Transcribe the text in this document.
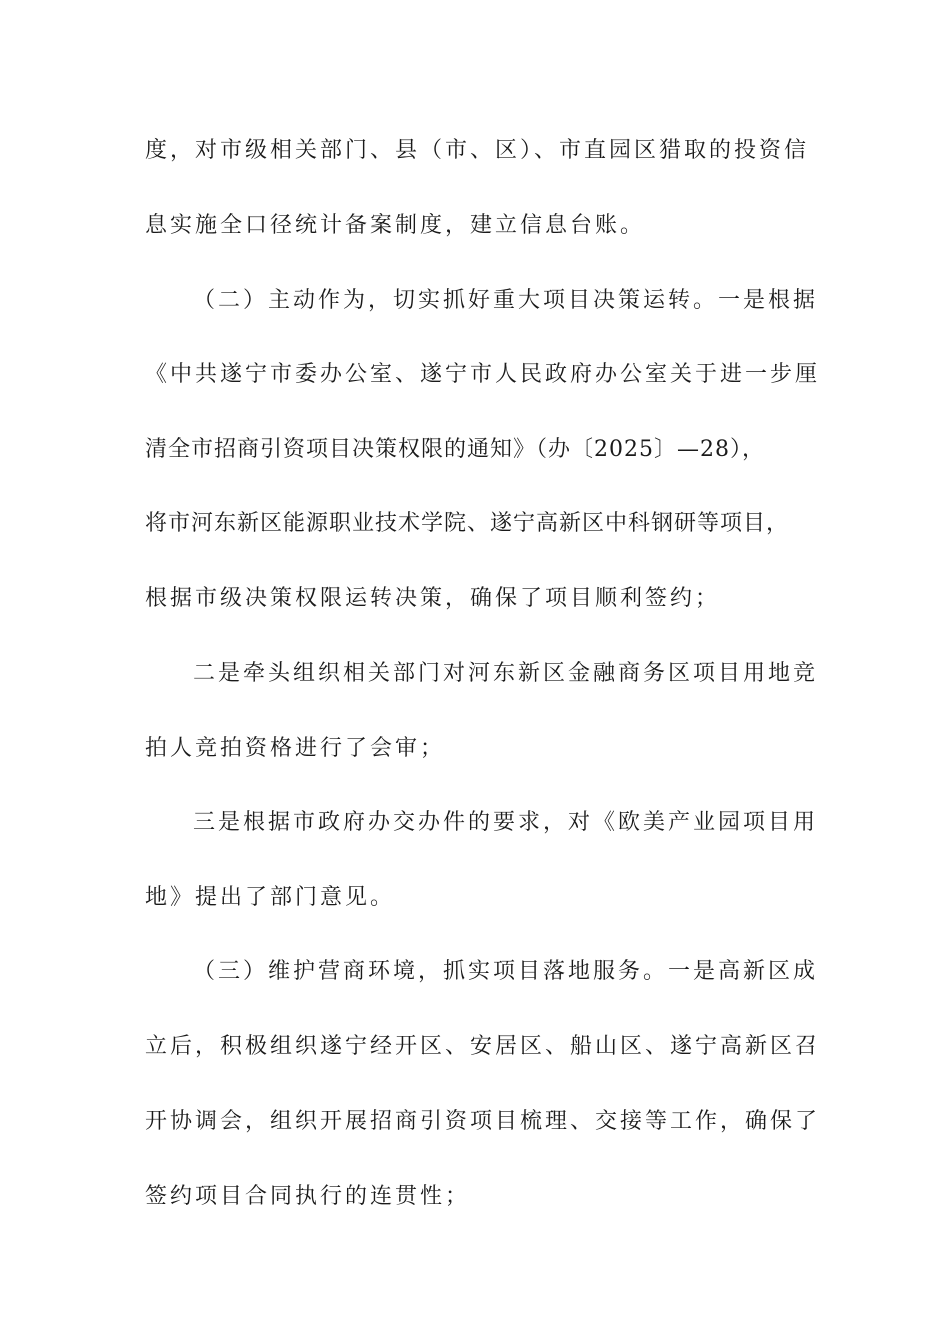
度，对市级相关部门、县（市、区）、市直园区猎取的投资信
息实施全口径统计备案制度，建立信息台账。
（二）主动作为，切实抓好重大项目决策运转。一是根据
《中共遂宁市委办公室、遂宁市人民政府办公室关于进一步厘
清全市招商引资项目决策权限的通知》（办〔2025〕—28），
将市河东新区能源职业技术学院、遂宁高新区中科钢研等项目，
根据市级决策权限运转决策，确保了项目顺利签约；
二是牵头组织相关部门对河东新区金融商务区项目用地竞
拍人竞拍资格进行了会审；
三是根据市政府办交办件的要求，对《欧美产业园项目用
地》提出了部门意见。
（三）维护营商环境，抓实项目落地服务。一是高新区成
立后，积极组织遂宁经开区、安居区、船山区、遂宁高新区召
开协调会，组织开展招商引资项目梳理、交接等工作，确保了
签约项目合同执行的连贯性；
